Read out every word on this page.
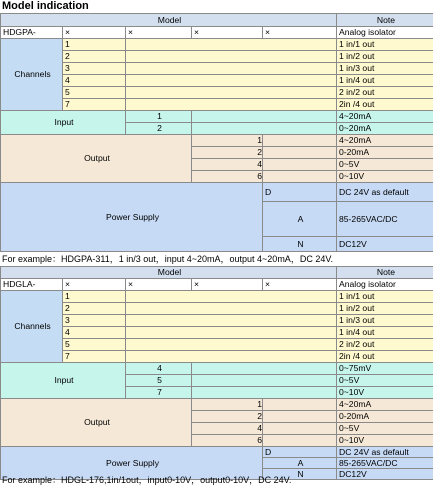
Model indication
Model					Note
HDGPA-	×	×	×	×	Analog isolator
Channels	1				1 in/1 out
	2				1 in/2 out
	3				1 in/3 out
	4				1 in/4 out
	5				2 in/2 out
	7				2in /4 out
Input		1			4~20mA
		2			0~20mA
Output			1		4~20mA
			2		0-20mA
			4		0~5V
			6		0~10V
Power Supply				D	DC 24V as default
				A	85-265VAC/DC
				N	DC12V
For example：HDGPA-311，1 in/3 out，input 4~20mA，output 4~20mA，DC 24V.
Model					Note
HDGLA-	×	×	×	×	Analog isolator
Channels	1				1 in/1 out
	2				1 in/2 out
	3				1 in/3 out
	4				1 in/4 out
	5				2 in/2 out
	7				2in /4 out
Input		4			0~75mV
		5			0~5V
		7			0~10V
Output			1		4~20mA
			2		0-20mA
			4		0~5V
			6		0~10V
Power Supply				D	DC 24V as default
				A	85-265VAC/DC
				N	DC12V
For example：HDGL-176,1in/1out，input0-10V，output0-10V，DC 24V.
